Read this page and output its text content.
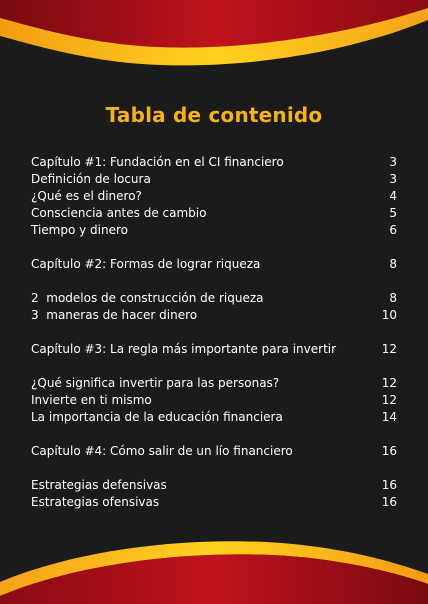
Tabla de contenido
Capítulo #1: Fundación en el CI financiero	3
Definición de locura	3
¿Qué es el dinero?	4
Consciencia antes de cambio	5
Tiempo y dinero	6
Capítulo #2: Formas de lograr riqueza	8
2  modelos de construcción de riqueza	8
3  maneras de hacer dinero	10
Capítulo #3: La regla más importante para invertir	12
¿Qué significa invertir para las personas?	12
Invierte en ti mismo	12
La importancia de la educación financiera	14
Capítulo #4: Cómo salir de un lío financiero	16
Estrategias defensivas	16
Estrategias ofensivas	16
